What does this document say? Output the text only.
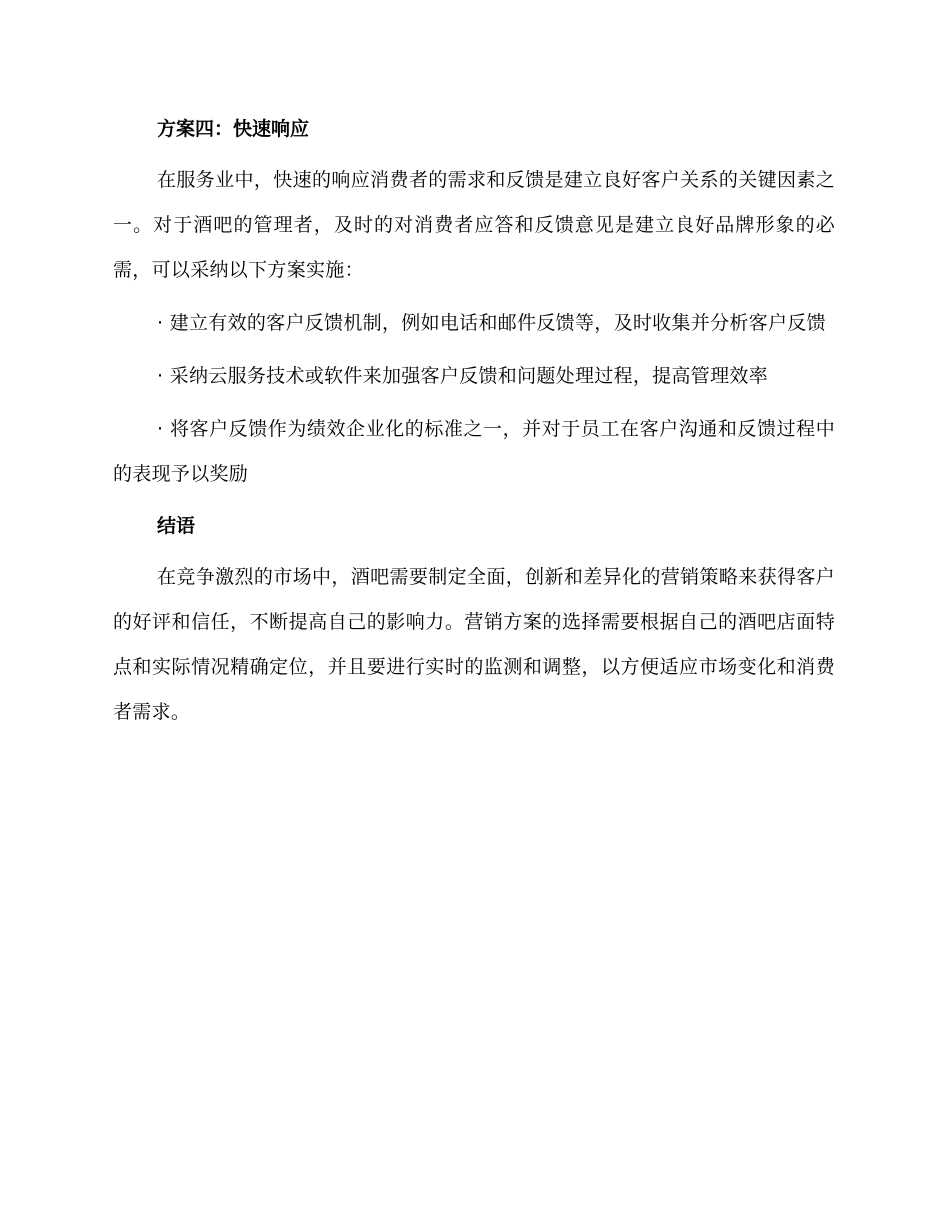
方案四：快速响应

在服务业中，快速的响应消费者的需求和反馈是建立良好客户关系的关键因素之一。对于酒吧的管理者，及时的对消费者应答和反馈意见是建立良好品牌形象的必需，可以采纳以下方案实施：

· 建立有效的客户反馈机制，例如电话和邮件反馈等，及时收集并分析客户反馈

· 采纳云服务技术或软件来加强客户反馈和问题处理过程，提高管理效率

· 将客户反馈作为绩效企业化的标准之一，并对于员工在客户沟通和反馈过程中的表现予以奖励

结语

在竞争激烈的市场中，酒吧需要制定全面，创新和差异化的营销策略来获得客户的好评和信任，不断提高自己的影响力。营销方案的选择需要根据自己的酒吧店面特点和实际情况精确定位，并且要进行实时的监测和调整，以方便适应市场变化和消费者需求。
